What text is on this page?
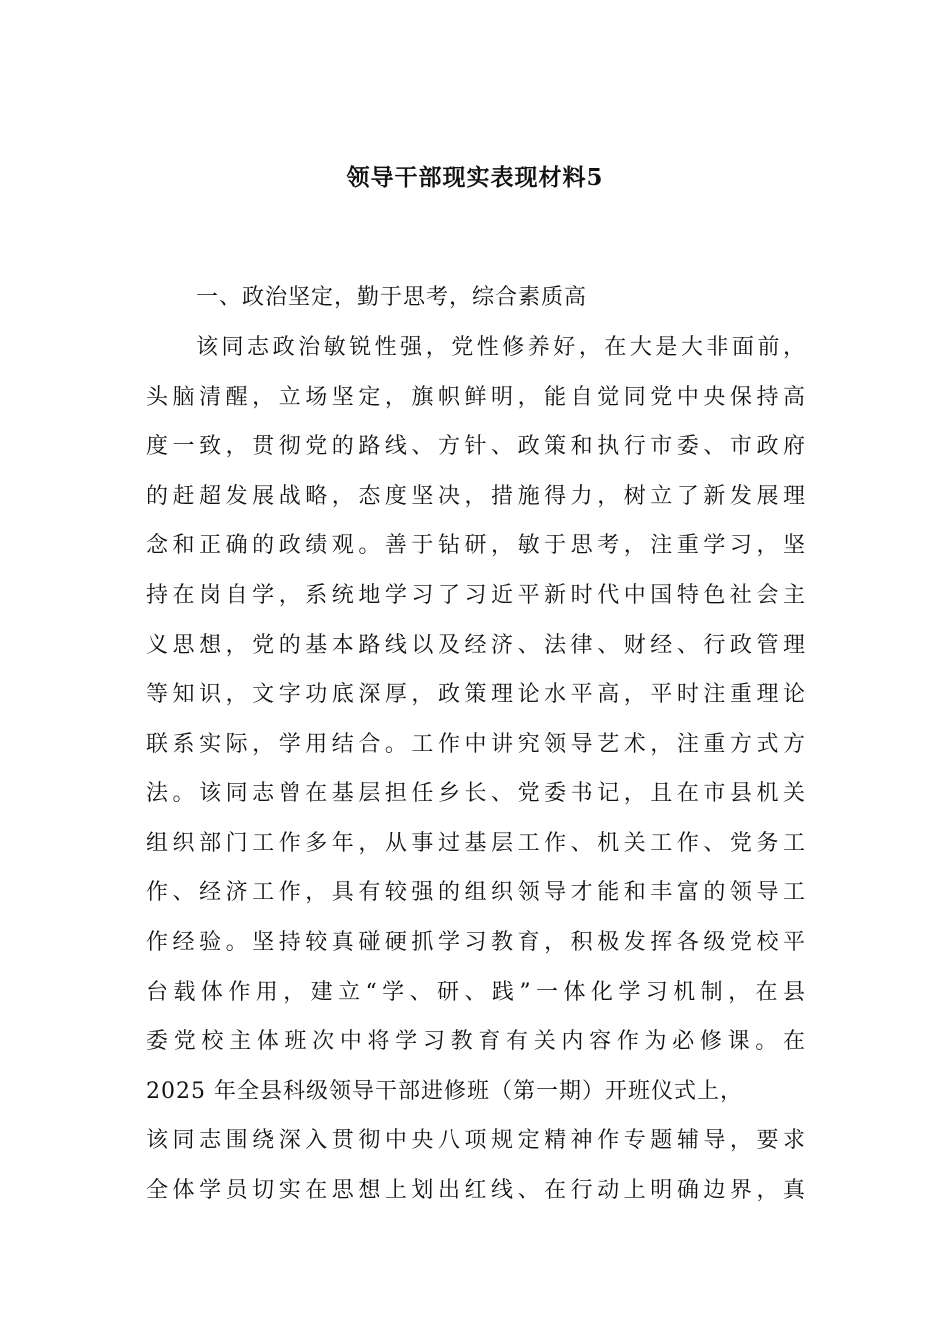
领导干部现实表现材料5
一、政治坚定，勤于思考，综合素质高
该同志政治敏锐性强，党性修养好，在大是大非面前，
头脑清醒，立场坚定，旗帜鲜明，能自觉同党中央保持高
度一致，贯彻党的路线、方针、政策和执行市委、市政府
的赶超发展战略，态度坚决，措施得力，树立了新发展理
念和正确的政绩观。善于钻研，敏于思考，注重学习，坚
持在岗自学，系统地学习了习近平新时代中国特色社会主
义思想，党的基本路线以及经济、法律、财经、行政管理
等知识，文字功底深厚，政策理论水平高，平时注重理论
联系实际，学用结合。工作中讲究领导艺术，注重方式方
法。该同志曾在基层担任乡长、党委书记，且在市县机关
组织部门工作多年，从事过基层工作、机关工作、党务工
作、经济工作，具有较强的组织领导才能和丰富的领导工
作经验。坚持较真碰硬抓学习教育，积极发挥各级党校平
台载体作用，建立“学、研、践”一体化学习机制，在县
委党校主体班次中将学习教育有关内容作为必修课。在
2025 年全县科级领导干部进修班（第一期）开班仪式上，
该同志围绕深入贯彻中央八项规定精神作专题辅导，要求
全体学员切实在思想上划出红线、在行动上明确边界，真
